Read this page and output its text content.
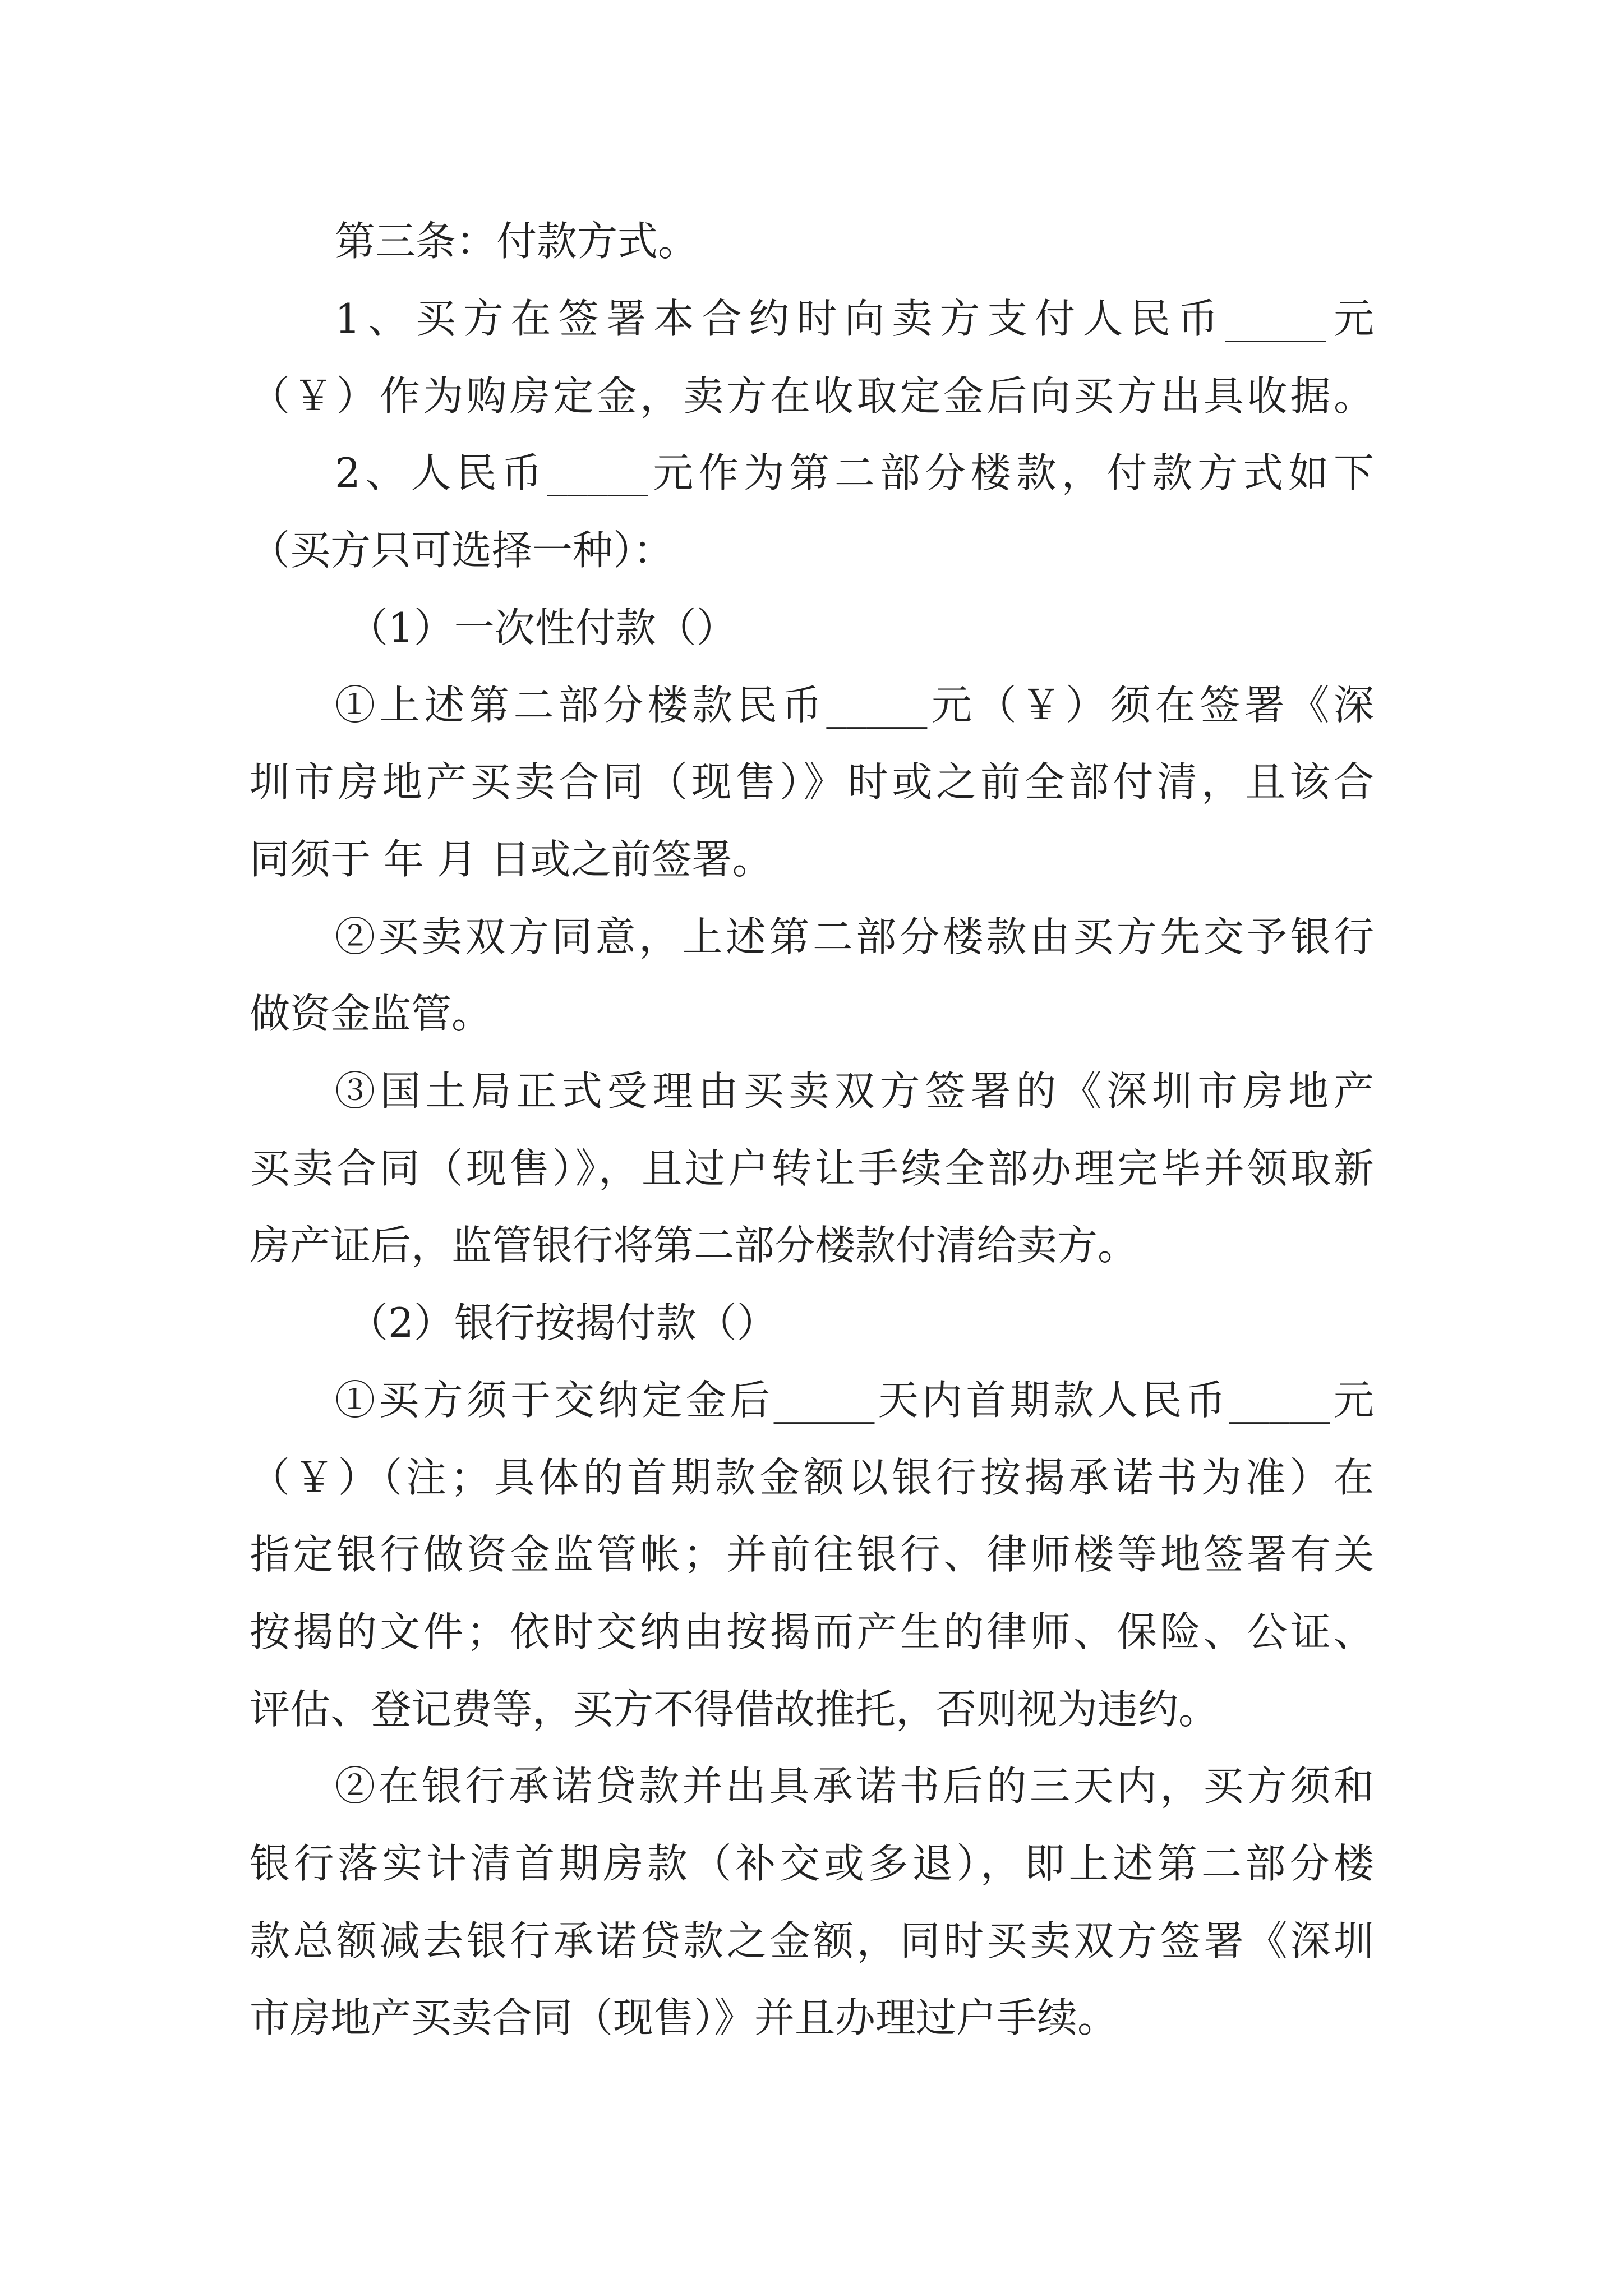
第三条：付款方式。

1、买方在签署本合约时向卖方支付人民币_____元

（￥）作为购房定金，卖方在收取定金后向买方出具收据。

2、人民币_____元作为第二部分楼款，付款方式如下

（买方只可选择一种）：

（1）一次性付款（）

①上述第二部分楼款民币_____元（￥）须在签署《深

圳市房地产买卖合同（现售）》时或之前全部付清，且该合

同须于 年 月 日或之前签署。

②买卖双方同意，上述第二部分楼款由买方先交予银行

做资金监管。

③国土局正式受理由买卖双方签署的《深圳市房地产

买卖合同（现售）》，且过户转让手续全部办理完毕并领取新

房产证后，监管银行将第二部分楼款付清给卖方。

（2）银行按揭付款（）

①买方须于交纳定金后_____天内首期款人民币_____元

（￥）（注；具体的首期款金额以银行按揭承诺书为准）在

指定银行做资金监管帐；并前往银行、律师楼等地签署有关

按揭的文件；依时交纳由按揭而产生的律师、保险、公证、

评估、登记费等，买方不得借故推托，否则视为违约。

②在银行承诺贷款并出具承诺书后的三天内，买方须和

银行落实计清首期房款（补交或多退），即上述第二部分楼

款总额减去银行承诺贷款之金额，同时买卖双方签署《深圳

市房地产买卖合同（现售）》并且办理过户手续。
